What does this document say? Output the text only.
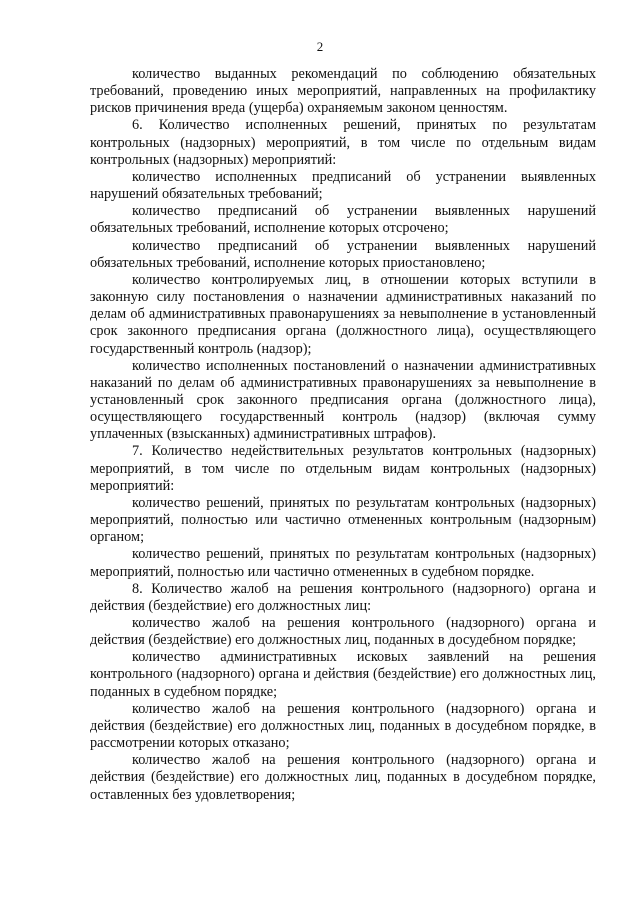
2

количество выданных рекомендаций по соблюдению обязательных требований, проведению иных мероприятий, направленных на профилактику рисков причинения вреда (ущерба) охраняемым законом ценностям.

6. Количество исполненных решений, принятых по результатам контрольных (надзорных) мероприятий, в том числе по отдельным видам контрольных (надзорных) мероприятий:

количество исполненных предписаний об устранении выявленных нарушений обязательных требований;

количество предписаний об устранении выявленных нарушений обязательных требований, исполнение которых отсрочено;

количество предписаний об устранении выявленных нарушений обязательных требований, исполнение которых приостановлено;

количество контролируемых лиц, в отношении которых вступили в законную силу постановления о назначении административных наказаний по делам об административных правонарушениях за невыполнение в установленный срок законного предписания органа (должностного лица), осуществляющего государственный контроль (надзор);

количество исполненных постановлений о назначении административных наказаний по делам об административных правонарушениях за невыполнение в установленный срок законного предписания органа (должностного лица), осуществляющего государственный контроль (надзор) (включая сумму уплаченных (взысканных) административных штрафов).

7. Количество недействительных результатов контрольных (надзорных) мероприятий, в том числе по отдельным видам контрольных (надзорных) мероприятий:

количество решений, принятых по результатам контрольных (надзорных) мероприятий, полностью или частично отмененных контрольным (надзорным) органом;

количество решений, принятых по результатам контрольных (надзорных) мероприятий, полностью или частично отмененных в судебном порядке.

8. Количество жалоб на решения контрольного (надзорного) органа и действия (бездействие) его должностных лиц:

количество жалоб на решения контрольного (надзорного) органа и действия (бездействие) его должностных лиц, поданных в досудебном порядке;

количество административных исковых заявлений на решения контрольного (надзорного) органа и действия (бездействие) его должностных лиц, поданных в судебном порядке;

количество жалоб на решения контрольного (надзорного) органа и действия (бездействие) его должностных лиц, поданных в досудебном порядке, в рассмотрении которых отказано;

количество жалоб на решения контрольного (надзорного) органа и действия (бездействие) его должностных лиц, поданных в досудебном порядке, оставленных без удовлетворения;
